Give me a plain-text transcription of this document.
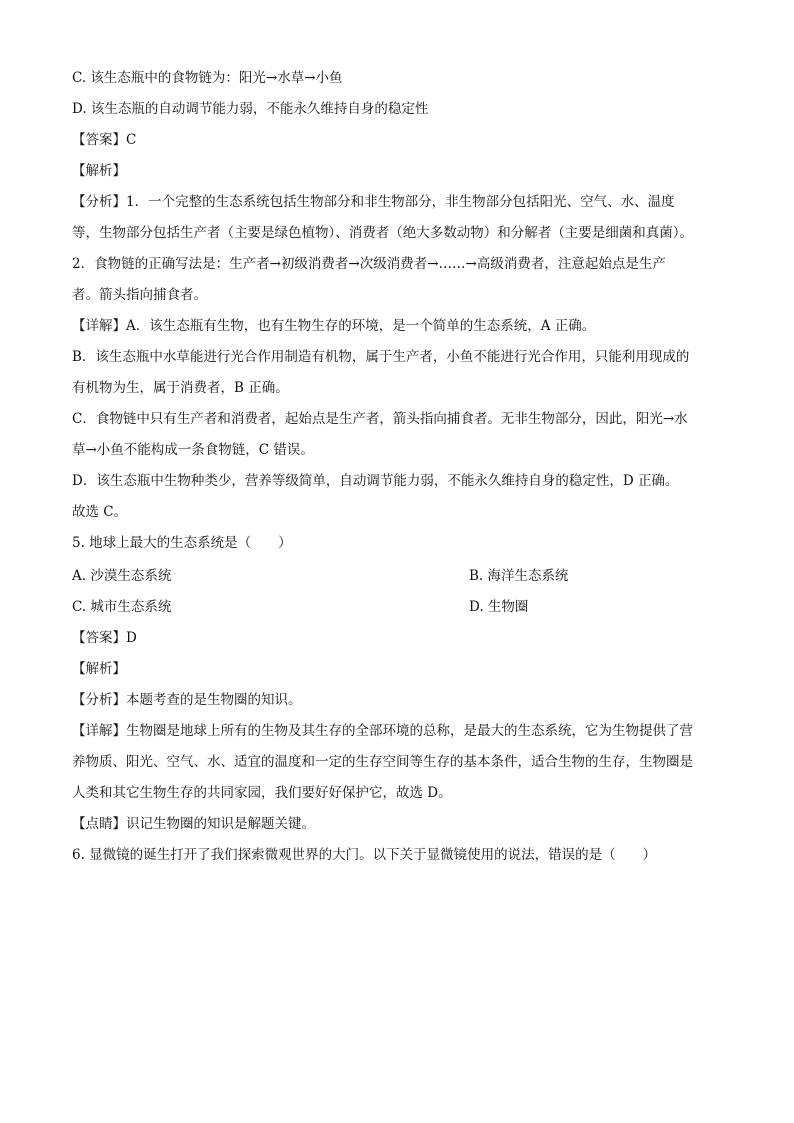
C. 该生态瓶中的食物链为：阳光→水草→小鱼
D. 该生态瓶的自动调节能力弱，不能永久维持自身的稳定性
【答案】C
【解析】
【分析】1．一个完整的生态系统包括生物部分和非生物部分，非生物部分包括阳光、空气、水、温度
等，生物部分包括生产者（主要是绿色植物）、消费者（绝大多数动物）和分解者（主要是细菌和真菌）。
2．食物链的正确写法是：生产者→初级消费者→次级消费者→……→高级消费者，注意起始点是生产
者。箭头指向捕食者。
【详解】A．该生态瓶有生物，也有生物生存的环境，是一个简单的生态系统，A 正确。
B．该生态瓶中水草能进行光合作用制造有机物，属于生产者，小鱼不能进行光合作用，只能利用现成的
有机物为生，属于消费者，B 正确。
C．食物链中只有生产者和消费者，起始点是生产者，箭头指向捕食者。无非生物部分，因此，阳光→水
草→小鱼不能构成一条食物链，C 错误。
D．该生态瓶中生物种类少，营养等级简单，自动调节能力弱，不能永久维持自身的稳定性，D 正确。
故选 C。
5. 地球上最大的生态系统是（　　）
A. 沙漠生态系统	B. 海洋生态系统
C. 城市生态系统	D. 生物圈
【答案】D
【解析】
【分析】本题考查的是生物圈的知识。
【详解】生物圈是地球上所有的生物及其生存的全部环境的总称，是最大的生态系统，它为生物提供了营
养物质、阳光、空气、水、适宜的温度和一定的生存空间等生存的基本条件，适合生物的生存，生物圈是
人类和其它生物生存的共同家园，我们要好好保护它，故选 D。
【点睛】识记生物圈的知识是解题关键。
6. 显微镜的诞生打开了我们探索微观世界的大门。以下关于显微镜使用的说法，错误的是（　　）
